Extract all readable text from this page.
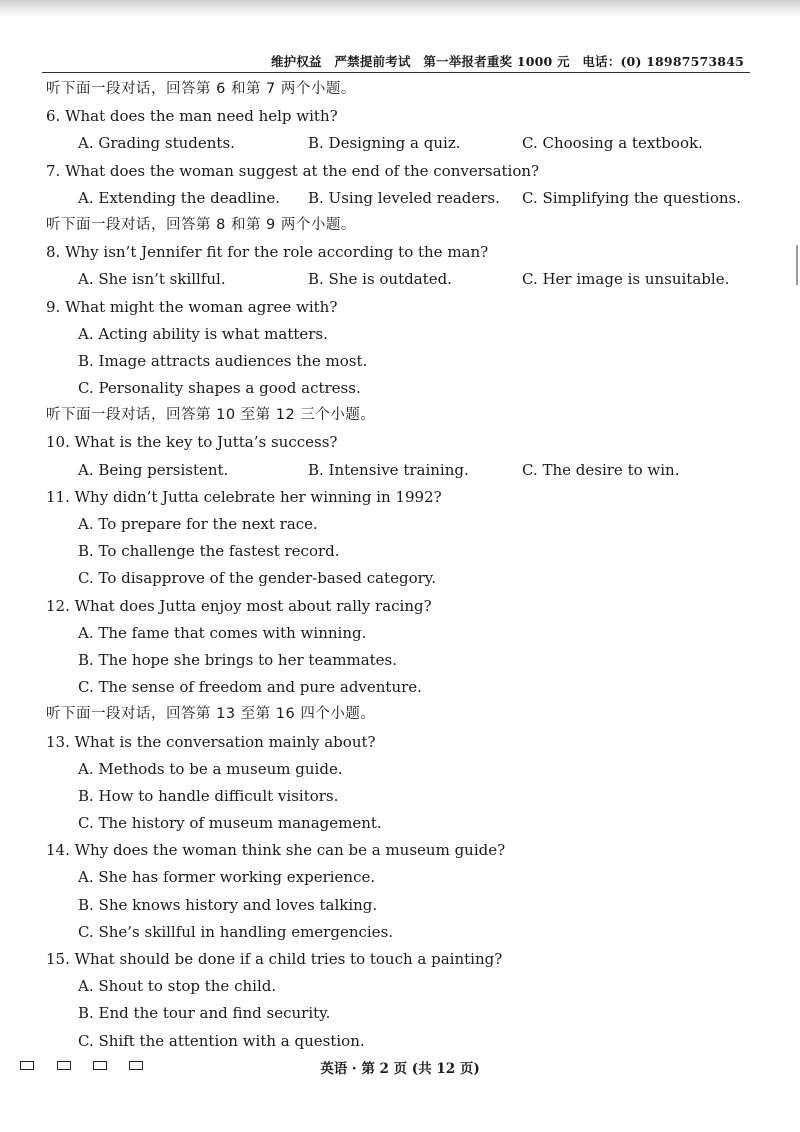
维护权益　严禁提前考试　第一举报者重奖 1000 元　电话：(0) 18987573845
听下面一段对话，回答第 6 和第 7 两个小题。
6. What does the man need help with?
A. Grading students.	B. Designing a quiz.	C. Choosing a textbook.
7. What does the woman suggest at the end of the conversation?
A. Extending the deadline. B. Using leveled readers. C. Simplifying the questions.
听下面一段对话，回答第 8 和第 9 两个小题。
8. Why isn’t Jennifer fit for the role according to the man?
A. She isn’t skillful.	B. She is outdated.	C. Her image is unsuitable.
9. What might the woman agree with?
A. Acting ability is what matters.
B. Image attracts audiences the most.
C. Personality shapes a good actress.
听下面一段对话，回答第 10 至第 12 三个小题。
10. What is the key to Jutta’s success?
A. Being persistent.	B. Intensive training.	C. The desire to win.
11. Why didn’t Jutta celebrate her winning in 1992?
A. To prepare for the next race.
B. To challenge the fastest record.
C. To disapprove of the gender-based category.
12. What does Jutta enjoy most about rally racing?
A. The fame that comes with winning.
B. The hope she brings to her teammates.
C. The sense of freedom and pure adventure.
听下面一段对话，回答第 13 至第 16 四个小题。
13. What is the conversation mainly about?
A. Methods to be a museum guide.
B. How to handle difficult visitors.
C. The history of museum management.
14. Why does the woman think she can be a museum guide?
A. She has former working experience.
B. She knows history and loves talking.
C. She’s skillful in handling emergencies.
15. What should be done if a child tries to touch a painting?
A. Shout to stop the child.
B. End the tour and find security.
C. Shift the attention with a question.
英语 · 第 2 页 (共 12 页)
